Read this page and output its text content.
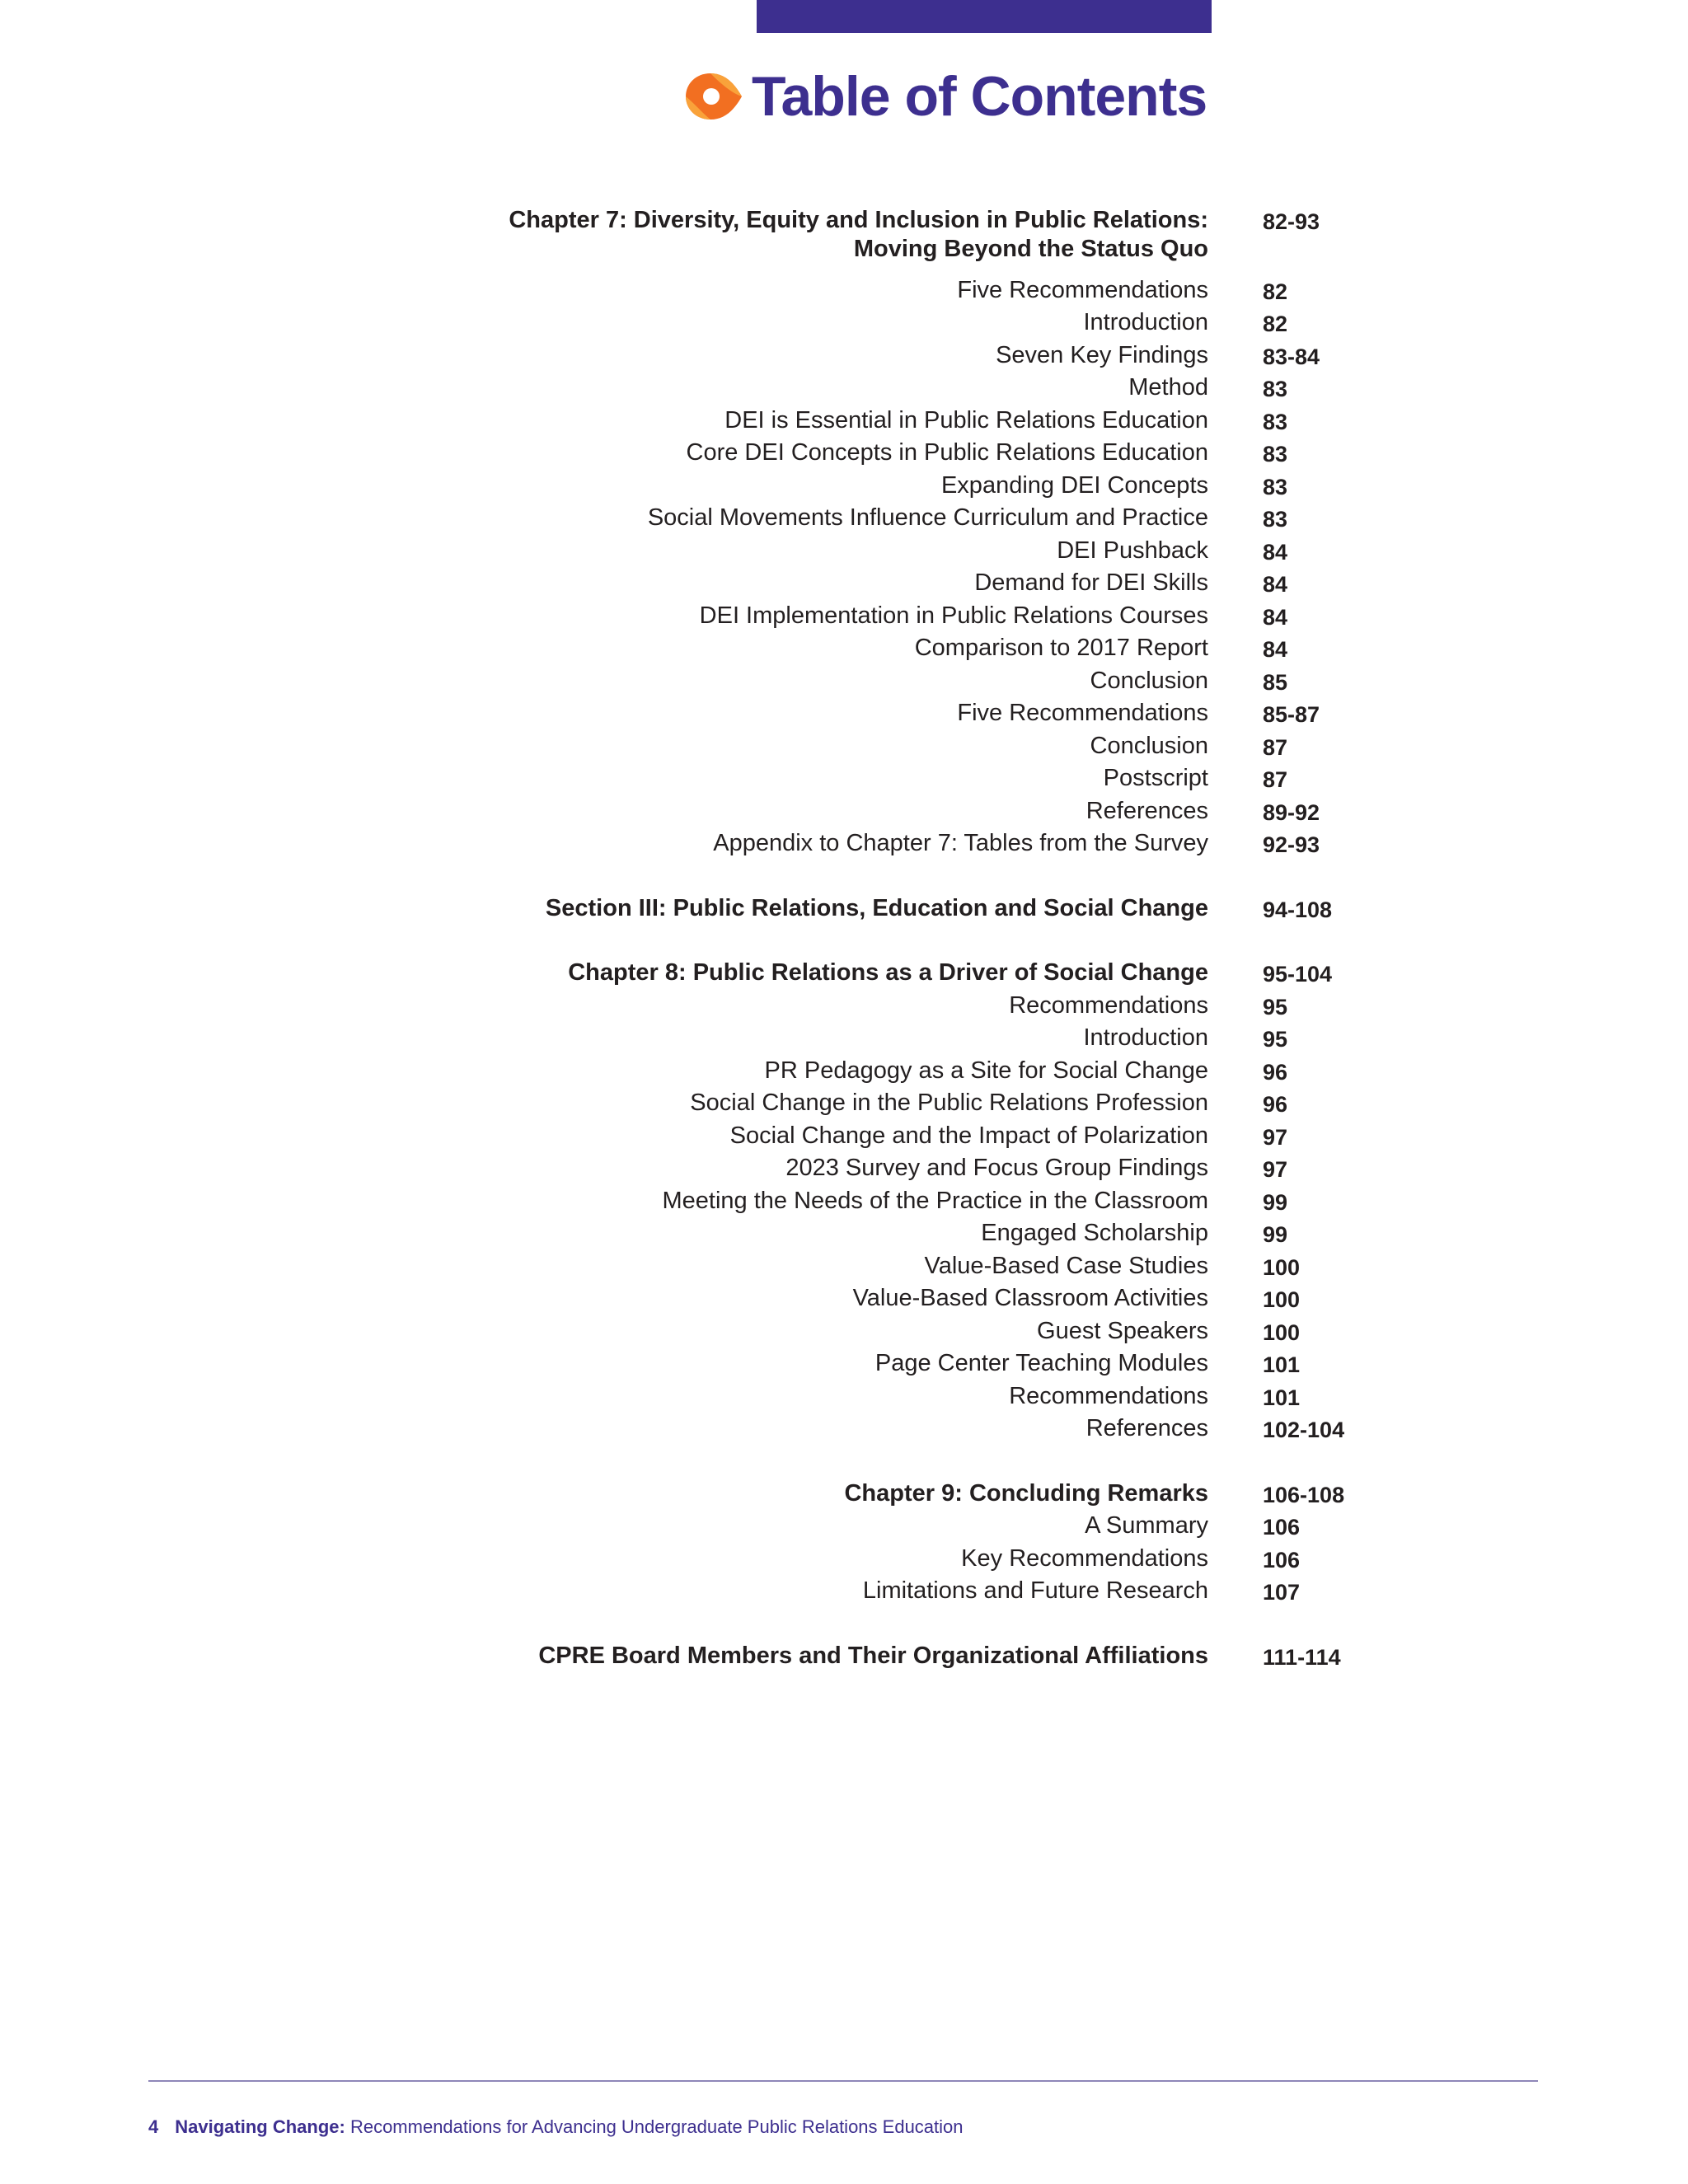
Table of Contents
Chapter 7: Diversity, Equity and Inclusion in Public Relations:
Moving Beyond the Status Quo
82-93
Five Recommendations 82
Introduction 82
Seven Key Findings 83-84
Method 83
DEI is Essential in Public Relations Education 83
Core DEI Concepts in Public Relations Education 83
Expanding DEI Concepts 83
Social Movements Influence Curriculum and Practice 83
DEI Pushback 84
Demand for DEI Skills 84
DEI Implementation in Public Relations Courses 84
Comparison to 2017 Report 84
Conclusion 85
Five Recommendations 85-87
Conclusion 87
Postscript 87
References 89-92
Appendix to Chapter 7: Tables from the Survey 92-93
Section III: Public Relations, Education and Social Change 94-108
Chapter 8: Public Relations as a Driver of Social Change 95-104
Recommendations 95
Introduction 95
PR Pedagogy as a Site for Social Change 96
Social Change in the Public Relations Profession 96
Social Change and the Impact of Polarization 97
2023 Survey and Focus Group Findings 97
Meeting the Needs of the Practice in the Classroom 99
Engaged Scholarship 99
Value-Based Case Studies 100
Value-Based Classroom Activities 100
Guest Speakers 100
Page Center Teaching Modules 101
Recommendations 101
References 102-104
Chapter 9: Concluding Remarks 106-108
A Summary 106
Key Recommendations 106
Limitations and Future Research 107
CPRE Board Members and Their Organizational Affiliations 111-114
4 Navigating Change: Recommendations for Advancing Undergraduate Public Relations Education
